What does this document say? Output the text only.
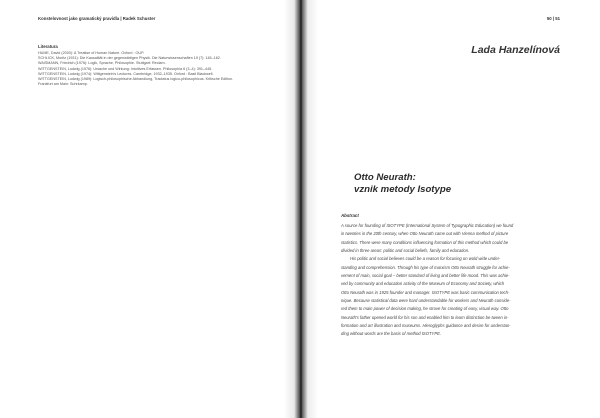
Konstelovnost jako gramatický pravidla | Radek Schuster
Literatura
HUME, David (2000): A Treatise of Human Nature. Oxford : OUP.
SCHLICK, Moritz (1931): Die Kausalität in der gegenwärtigen Physik. Die Naturwissenschaften 19 (7): 145–162.
WAISMANN, Friedrich (1976): Logik, Sprache, Philosophie. Stuttgart: Reclam.
WITTGENSTEIN, Ludwig (1976): Ursache und Wirkung: Intuitives Erfassen. Philosophia 6 (3–4): 391–445.
WITTGENSTEIN, Ludwig (1974): Wittgenstein's Lectures. Cambridge, 1932–1935. Oxford : Basil Blackwell.
WITTGENSTEIN, Ludwig (1989): Logisch-philosophische Abhandlung, Tractatus logico-philosophicus. Kritische Edition. Frankfurt am Main: Suhrkamp.
50 | 51
Lada Hanzelínová
Otto Neurath:
vznik metody Isotype
Abstract
A source for founding of ISOTYPE (International System of Typographic Education) we found
in twenties in the 20th century, when Otto Neurath came out with Vienna method of picture
statistics. There were many conditions influencing formation of this method which could be
divided in three areas: politic and social beliefs, family and education.
His politic and social believes could be a reason for focusing on wold wide under-
standing and comprehension. Through his type of marxism Otto Neurath struggle for achie-
vement of main, social goal – better standard of living and better life mood. This was achie-
ved by community and education activity of the Museum of Economy and Society, which
Otto Neurath was in 1925 founder and manager. ISOTYPE was basic communication tech-
nique. Because statistical data were hard understandable for workers and Neurath conside-
red them to main power of decision making, he strove for creating of easy, visual way. Otto
Neurath's father opened world for his son and enabled him to learn distinction be tween in-
formation and art illustration and museums. Hieroglyphs guidance and desire for understan-
ding without words are the basis of method ISOTYPE.
